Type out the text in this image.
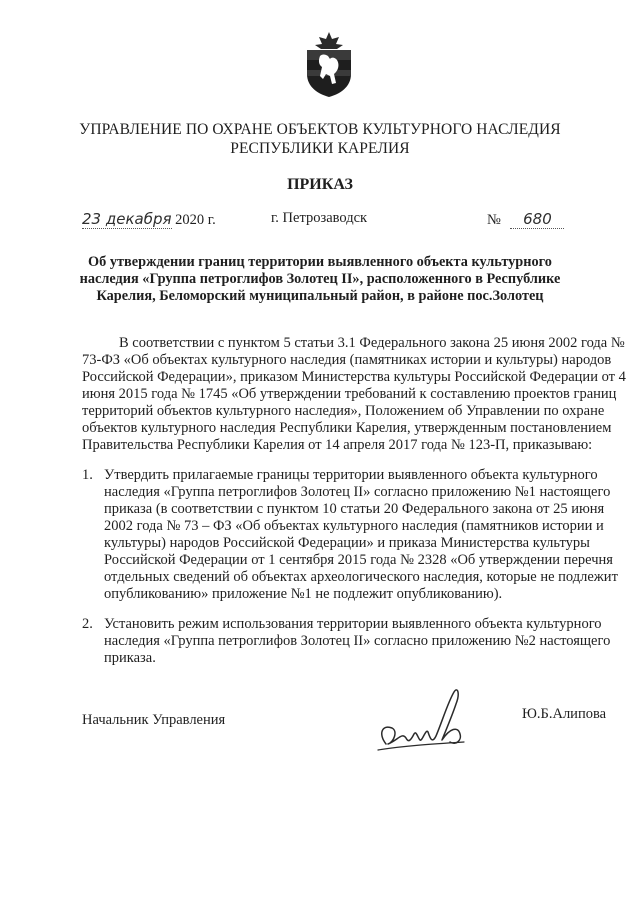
УПРАВЛЕНИЕ ПО ОХРАНЕ ОБЪЕКТОВ КУЛЬТУРНОГО НАСЛЕДИЯ
РЕСПУБЛИКИ КАРЕЛИЯ
ПРИКАЗ
23 декабря 2020 г.	г. Петрозаводск	№ 680
Об утверждении границ территории выявленного объекта культурного
наследия «Группа петроглифов Золотец II», расположенного в Республике
Карелия, Беломорский муниципальный район, в районе пос.Золотец
В соответствии с пунктом 5 статьи 3.1 Федерального закона 25 июня 2002 года №
73-ФЗ «Об объектах культурного наследия (памятниках истории и культуры) народов
Российской Федерации», приказом Министерства культуры Российской Федерации от 4
июня 2015 года № 1745 «Об утверждении требований к составлению проектов границ
территорий объектов культурного наследия», Положением об Управлении по охране
объектов культурного наследия Республики Карелия, утвержденным постановлением
Правительства Республики Карелия от 14 апреля 2017 года № 123-П, приказываю:
1. Утвердить прилагаемые границы территории выявленного объекта культурного
наследия «Группа петроглифов Золотец II» согласно приложению №1 настоящего
приказа (в соответствии с пунктом 10 статьи 20 Федерального закона от 25 июня
2002 года № 73 – ФЗ «Об объектах культурного наследия (памятников истории и
культуры) народов Российской Федерации» и приказа Министерства культуры
Российской Федерации от 1 сентября 2015 года № 2328 «Об утверждении перечня
отдельных сведений об объектах археологического наследия, которые не подлежит
опубликованию» приложение №1 не подлежит опубликованию).
2. Установить режим использования территории выявленного объекта культурного
наследия «Группа петроглифов Золотец II» согласно приложению №2 настоящего
приказа.
Начальник Управления	Ю.Б.Алипова
